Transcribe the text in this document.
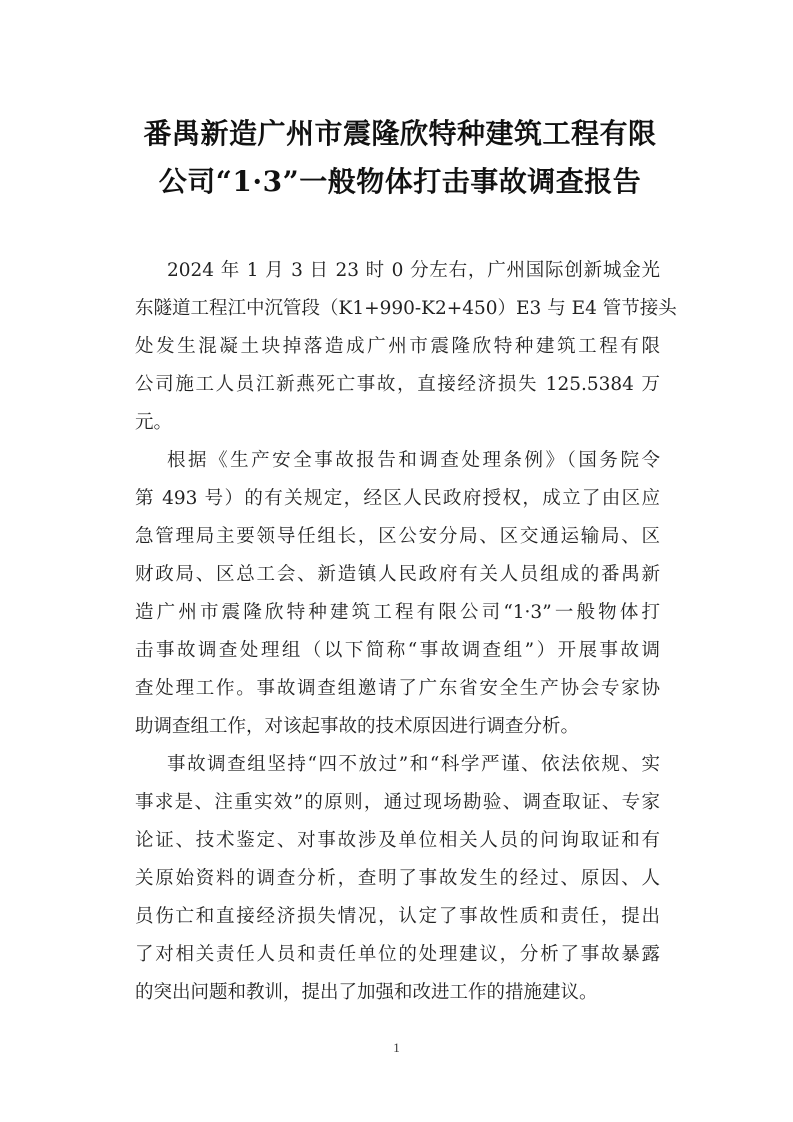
番禺新造广州市震隆欣特种建筑工程有限
公司“1·3”一般物体打击事故调查报告
2024 年 1 月 3 日 23 时 0 分左右，广州国际创新城金光
东隧道工程江中沉管段（K1+990-K2+450）E3 与 E4 管节接头
处发生混凝土块掉落造成广州市震隆欣特种建筑工程有限
公司施工人员江新燕死亡事故，直接经济损失 125.5384 万
元。
根据《生产安全事故报告和调查处理条例》（国务院令
第 493 号）的有关规定，经区人民政府授权，成立了由区应
急管理局主要领导任组长，区公安分局、区交通运输局、区
财政局、区总工会、新造镇人民政府有关人员组成的番禺新
造广州市震隆欣特种建筑工程有限公司“1·3”一般物体打
击事故调查处理组（以下简称“事故调查组”）开展事故调
查处理工作。事故调查组邀请了广东省安全生产协会专家协
助调查组工作，对该起事故的技术原因进行调查分析。
事故调查组坚持“四不放过”和“科学严谨、依法依规、实
事求是、注重实效”的原则，通过现场勘验、调查取证、专家
论证、技术鉴定、对事故涉及单位相关人员的问询取证和有
关原始资料的调查分析，查明了事故发生的经过、原因、人
员伤亡和直接经济损失情况，认定了事故性质和责任，提出
了对相关责任人员和责任单位的处理建议，分析了事故暴露
的突出问题和教训，提出了加强和改进工作的措施建议。
1
